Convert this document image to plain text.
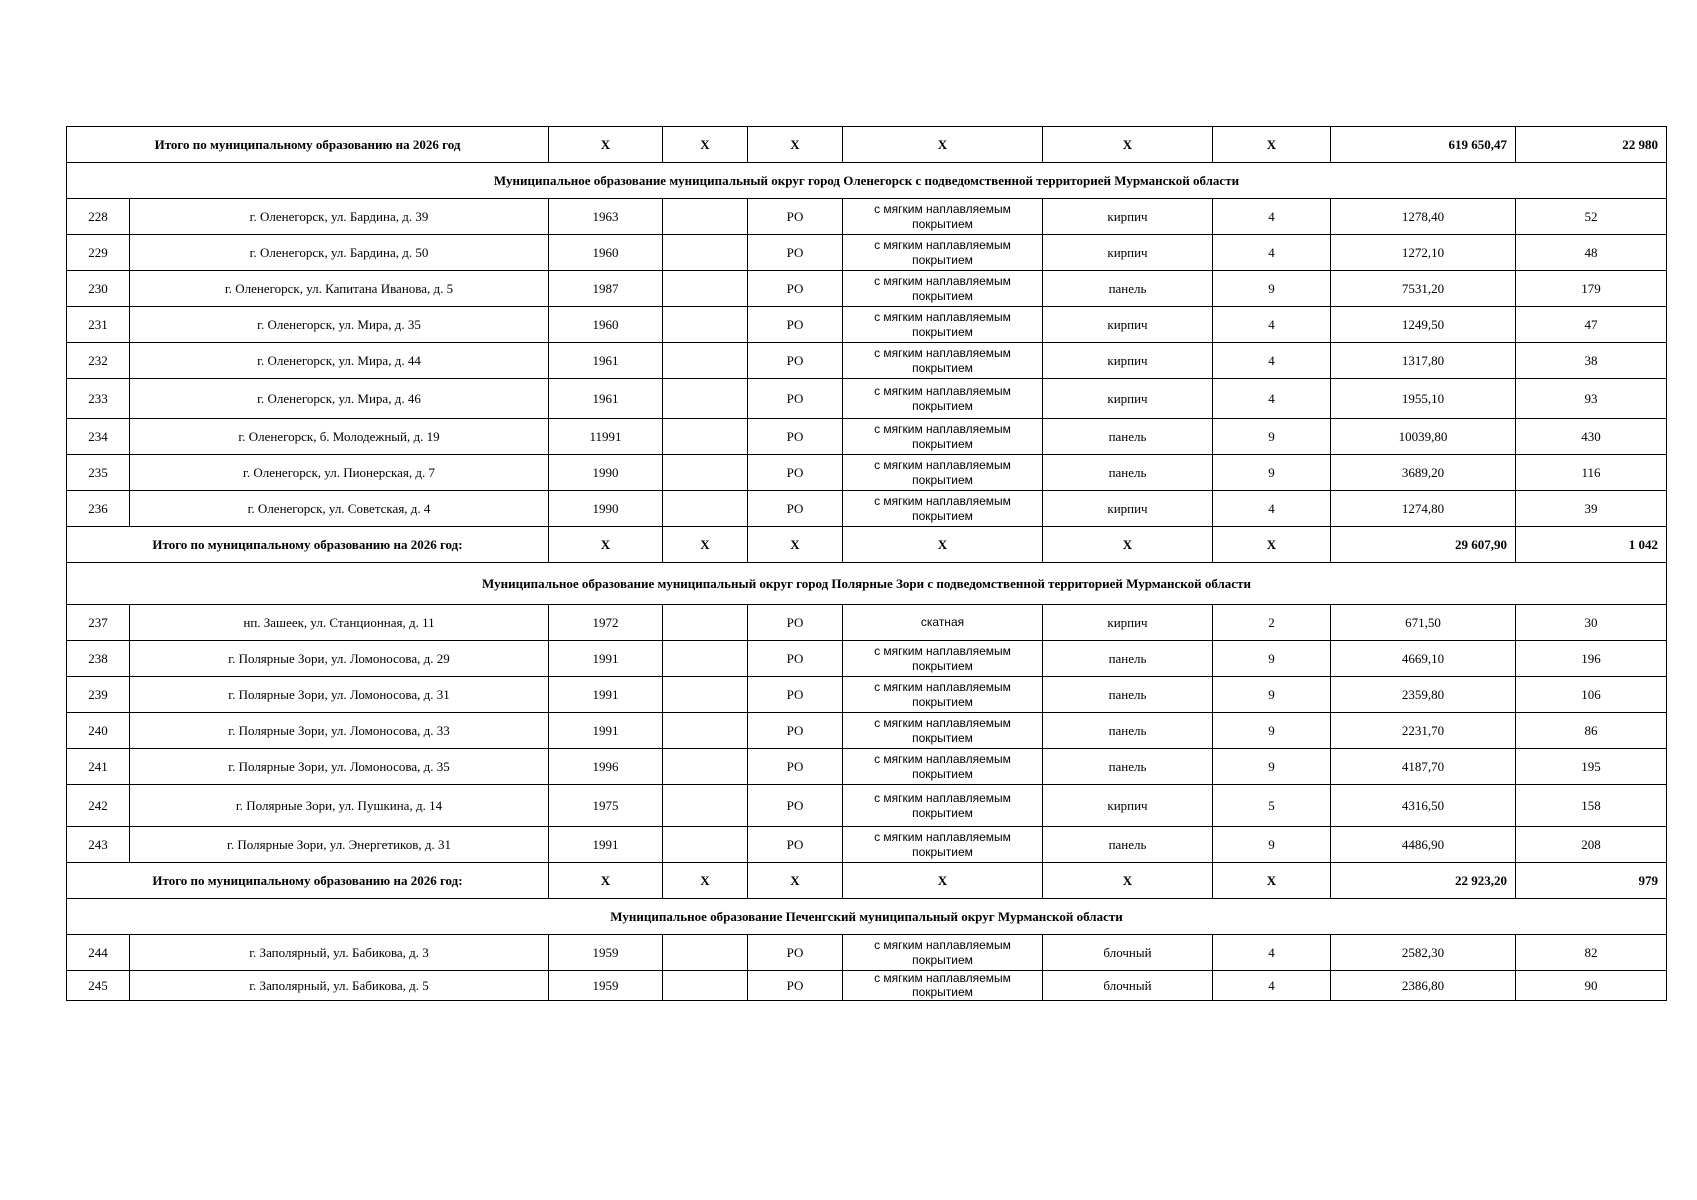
Итого по муниципальному образованию на 2026 год		X	X	X	X	X	X	619 650,47	22 980
Муниципальное образование муниципальный округ город Оленегорск с подведомственной территорией Мурманской области									
228	г. Оленегорск, ул. Бардина, д. 39	1963		РО	с мягким наплавляемым покрытием	кирпич	4	1278,40	52
229	г. Оленегорск, ул. Бардина, д. 50	1960		РО	с мягким наплавляемым покрытием	кирпич	4	1272,10	48
230	г. Оленегорск, ул. Капитана Иванова, д. 5	1987		РО	с мягким наплавляемым покрытием	панель	9	7531,20	179
231	г. Оленегорск, ул. Мира, д. 35	1960		РО	с мягким наплавляемым покрытием	кирпич	4	1249,50	47
232	г. Оленегорск, ул. Мира, д. 44	1961		РО	с мягким наплавляемым покрытием	кирпич	4	1317,80	38
233	г. Оленегорск, ул. Мира, д. 46	1961		РО	с мягким наплавляемым покрытием	кирпич	4	1955,10	93
234	г. Оленегорск, б. Молодежный, д. 19	11991		РО	с мягким наплавляемым покрытием	панель	9	10039,80	430
235	г. Оленегорск, ул. Пионерская, д. 7	1990		РО	с мягким наплавляемым покрытием	панель	9	3689,20	116
236	г. Оленегорск, ул. Советская, д. 4	1990		РО	с мягким наплавляемым покрытием	кирпич	4	1274,80	39
Итого по муниципальному образованию на 2026 год:		X	X	X	X	X	X	29 607,90	1 042
Муниципальное образование муниципальный округ город Полярные Зори с подведомственной территорией Мурманской области									
237	нп. Зашеек, ул. Станционная, д. 11	1972		РО	скатная	кирпич	2	671,50	30
238	г. Полярные Зори, ул. Ломоносова, д. 29	1991		РО	с мягким наплавляемым покрытием	панель	9	4669,10	196
239	г. Полярные Зори, ул. Ломоносова, д. 31	1991		РО	с мягким наплавляемым покрытием	панель	9	2359,80	106
240	г. Полярные Зори, ул. Ломоносова, д. 33	1991		РО	с мягким наплавляемым покрытием	панель	9	2231,70	86
241	г. Полярные Зори, ул. Ломоносова, д. 35	1996		РО	с мягким наплавляемым покрытием	панель	9	4187,70	195
242	г. Полярные Зори, ул. Пушкина, д. 14	1975		РО	с мягким наплавляемым покрытием	кирпич	5	4316,50	158
243	г. Полярные Зори, ул. Энергетиков, д. 31	1991		РО	с мягким наплавляемым покрытием	панель	9	4486,90	208
Итого по муниципальному образованию на 2026 год:		X	X	X	X	X	X	22 923,20	979
Муниципальное образование Печенгский муниципальный округ Мурманской области									
244	г. Заполярный, ул. Бабикова, д. 3	1959		РО	с мягким наплавляемым покрытием	блочный	4	2582,30	82
245	г. Заполярный, ул. Бабикова, д. 5	1959		РО	с мягким наплавляемым покрытием	блочный	4	2386,80	90
